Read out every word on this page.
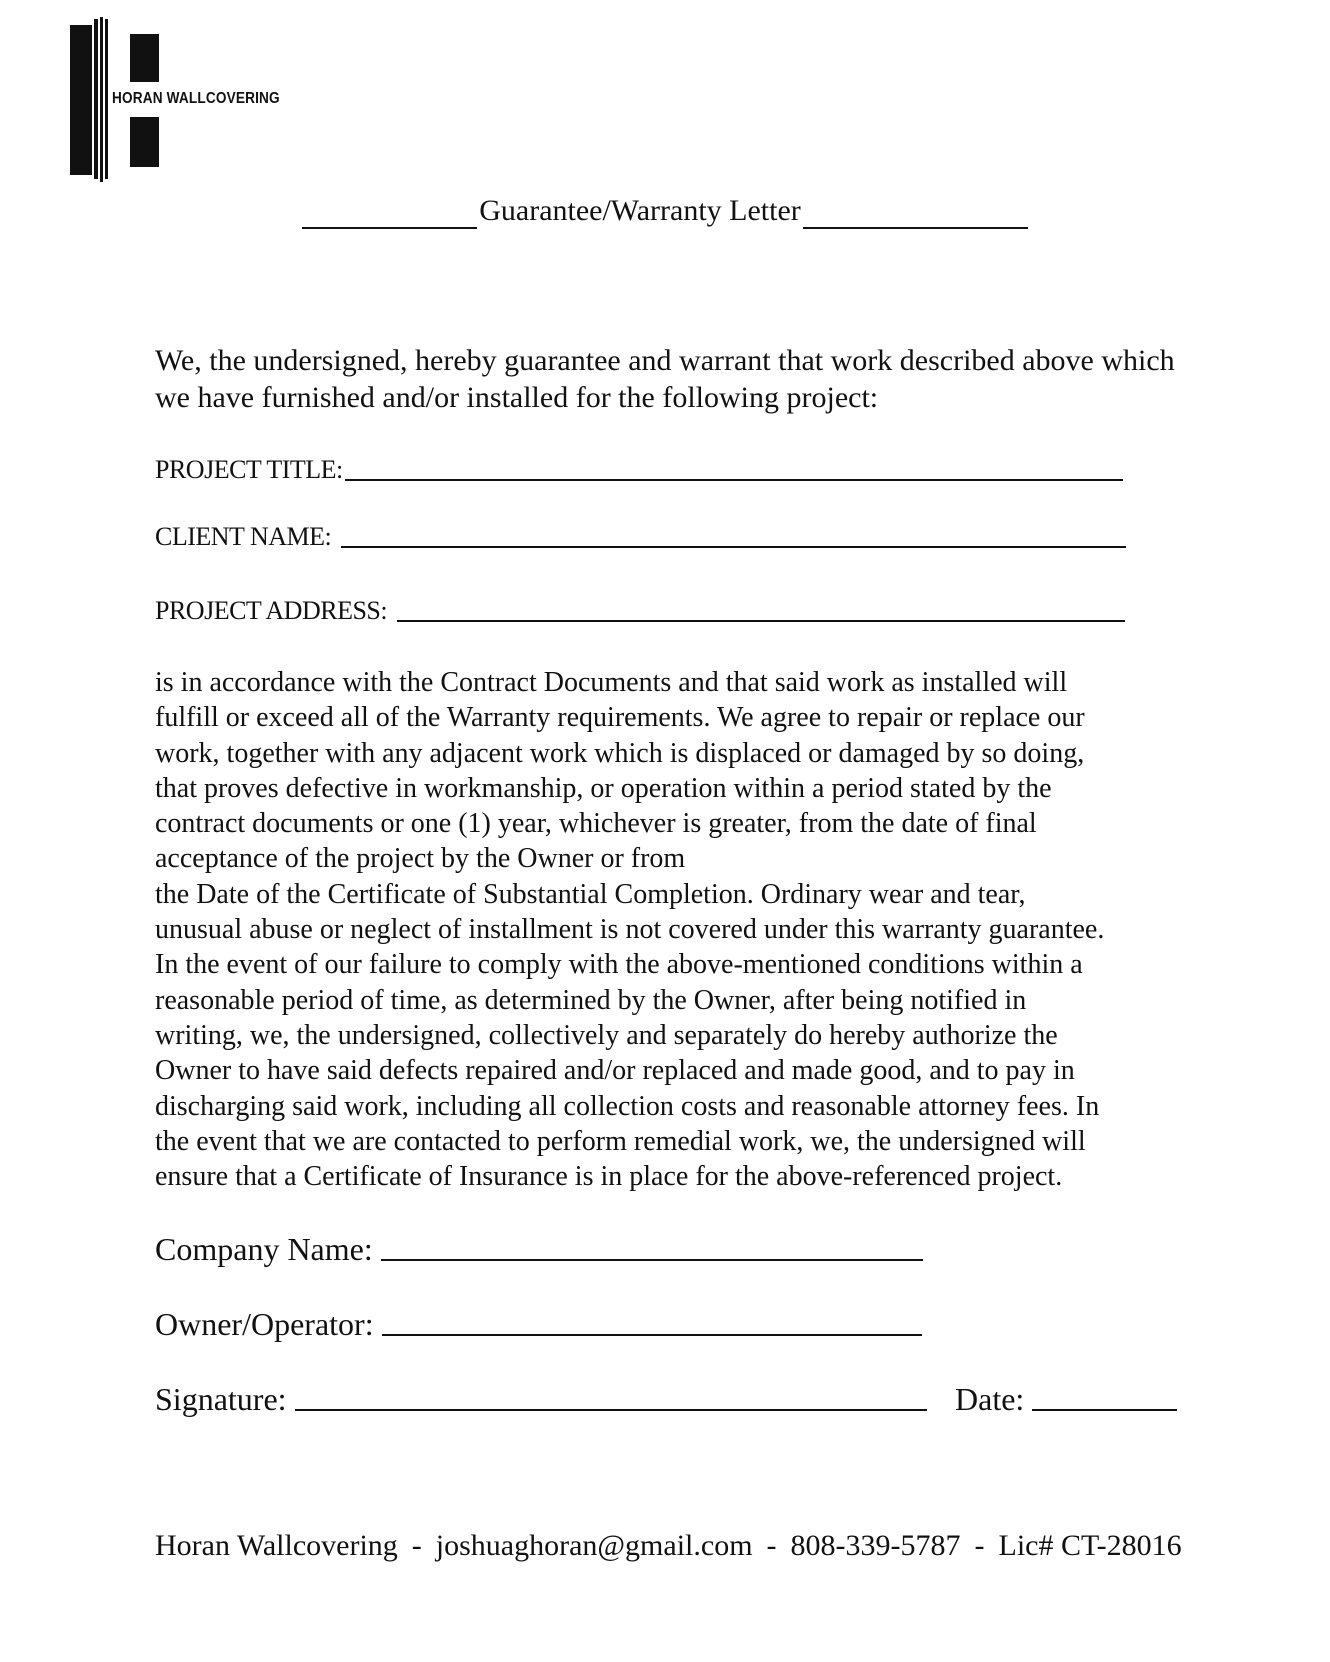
HORAN WALLCOVERING
Guarantee/Warranty Letter
We, the undersigned, hereby guarantee and warrant that work described above which we have furnished and/or installed for the following project:
PROJECT TITLE:
CLIENT NAME:
PROJECT ADDRESS:
is in accordance with the Contract Documents and that said work as installed will
fulfill or exceed all of the Warranty requirements. We agree to repair or replace our
work, together with any adjacent work which is displaced or damaged by so doing,
that proves defective in workmanship, or operation within a period stated by the
contract documents or one (1) year, whichever is greater, from the date of final
acceptance of the project by the Owner or from
the Date of the Certificate of Substantial Completion. Ordinary wear and tear,
unusual abuse or neglect of installment is not covered under this warranty guarantee.
In the event of our failure to comply with the above-mentioned conditions within a
reasonable period of time, as determined by the Owner, after being notified in
writing, we, the undersigned, collectively and separately do hereby authorize the
Owner to have said defects repaired and/or replaced and made good, and to pay in
discharging said work, including all collection costs and reasonable attorney fees. In
the event that we are contacted to perform remedial work, we, the undersigned will
ensure that a Certificate of Insurance is in place for the above-referenced project.
Company Name:
Owner/Operator:
Signature:	Date:
Horan Wallcovering - joshuaghoran@gmail.com - 808-339-5787 - Lic# CT-28016
